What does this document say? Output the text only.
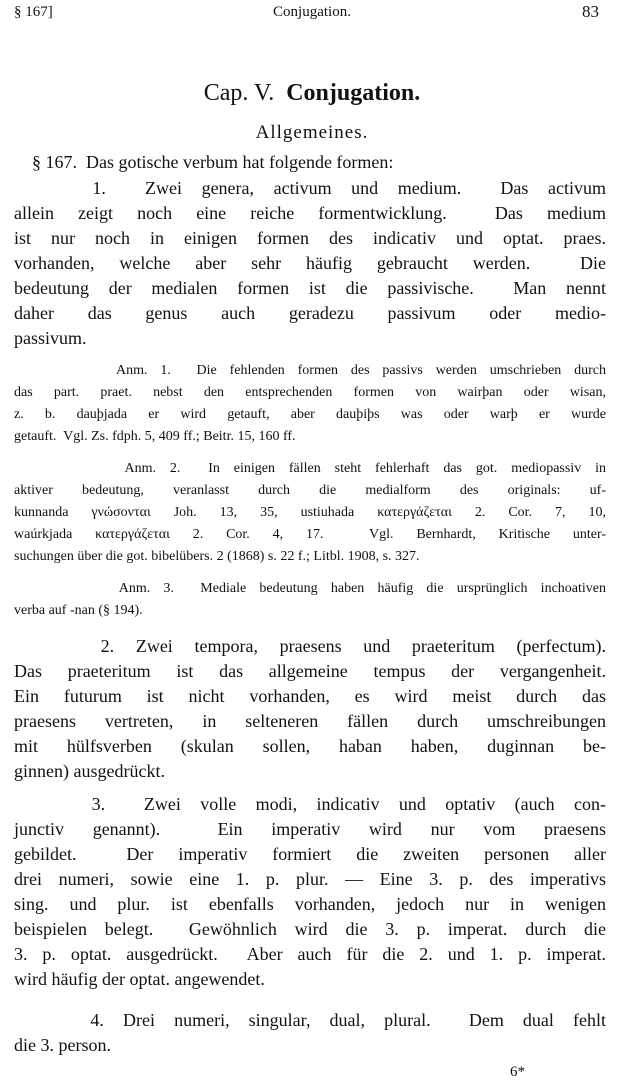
§ 167]	Conjugation.	83
Cap. V. Conjugation.
Allgemeines.
§ 167.  Das gotische verbum hat folgende formen:
1.  Zwei genera, activum und medium.  Das activum
allein zeigt noch eine reiche formentwicklung.  Das medium
ist nur noch in einigen formen des indicativ und optat. praes.
vorhanden, welche aber sehr häufig gebraucht werden.  Die
bedeutung der medialen formen ist die passivische.  Man nennt
daher das genus auch geradezu passivum oder medio-
passivum.
Anm. 1.  Die fehlenden formen des passivs werden umschrieben durch
das part. praet. nebst den entsprechenden formen von wairþan oder wisan,
z. b. dauþjada er wird getauft, aber dauþiþs was oder warþ er wurde
getauft.  Vgl. Zs. fdph. 5, 409 ff.; Beitr. 15, 160 ff.
Anm. 2.  In einigen fällen steht fehlerhaft das got. mediopassiv in
aktiver bedeutung, veranlasst durch die medialform des originals: uf-
kunnanda γνώσονται Joh. 13, 35, ustiuhada κατεργάζεται 2. Cor. 7, 10,
waúrkjada κατεργάζεται 2. Cor. 4, 17.  Vgl. Bernhardt, Kritische unter-
suchungen über die got. bibelübers. 2 (1868) s. 22 f.; Litbl. 1908, s. 327.
Anm. 3.  Mediale bedeutung haben häufig die ursprünglich inchoativen
verba auf -nan (§ 194).
2. Zwei tempora, praesens und praeteritum (perfectum).
Das praeteritum ist das allgemeine tempus der vergangenheit.
Ein futurum ist nicht vorhanden, es wird meist durch das
praesens vertreten, in selteneren fällen durch umschreibungen
mit hülfsverben (skulan sollen, haban haben, duginnan be-
ginnen) ausgedrückt.
3.  Zwei volle modi, indicativ und optativ (auch con-
junctiv genannt).  Ein imperativ wird nur vom praesens
gebildet.  Der imperativ formiert die zweiten personen aller
drei numeri, sowie eine 1. p. plur. — Eine 3. p. des imperativs
sing. und plur. ist ebenfalls vorhanden, jedoch nur in wenigen
beispielen belegt.  Gewöhnlich wird die 3. p. imperat. durch die
3. p. optat. ausgedrückt.  Aber auch für die 2. und 1. p. imperat.
wird häufig der optat. angewendet.
4. Drei numeri, singular, dual, plural.  Dem dual fehlt
die 3. person.
6*
